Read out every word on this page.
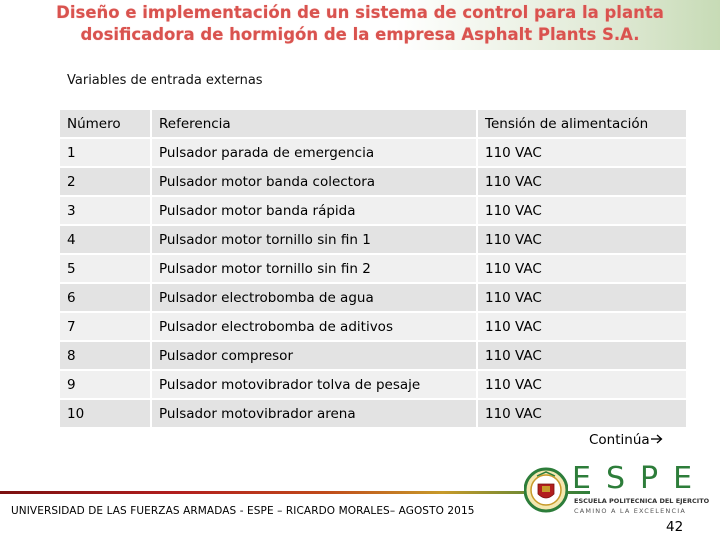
Diseño e implementación de un sistema de control para la planta
dosificadora de hormigón de la empresa Asphalt Plants S.A.
Variables de entrada externas
Número	Referencia	Tensión de alimentación
1	Pulsador parada de emergencia	110 VAC
2	Pulsador motor banda colectora	110 VAC
3	Pulsador motor banda rápida	110 VAC
4	Pulsador motor tornillo sin fin 1	110 VAC
5	Pulsador motor tornillo sin fin 2	110 VAC
6	Pulsador electrobomba de agua	110 VAC
7	Pulsador electrobomba de aditivos	110 VAC
8	Pulsador compresor	110 VAC
9	Pulsador motovibrador tolva de pesaje	110 VAC
10	Pulsador motovibrador arena	110 VAC
Continúa
UNIVERSIDAD DE LAS FUERZAS ARMADAS - ESPE – RICARDO MORALES– AGOSTO 2015
ESPE
ESCUELA POLITECNICA DEL EJERCITO
CAMINO A LA EXCELENCIA
42
